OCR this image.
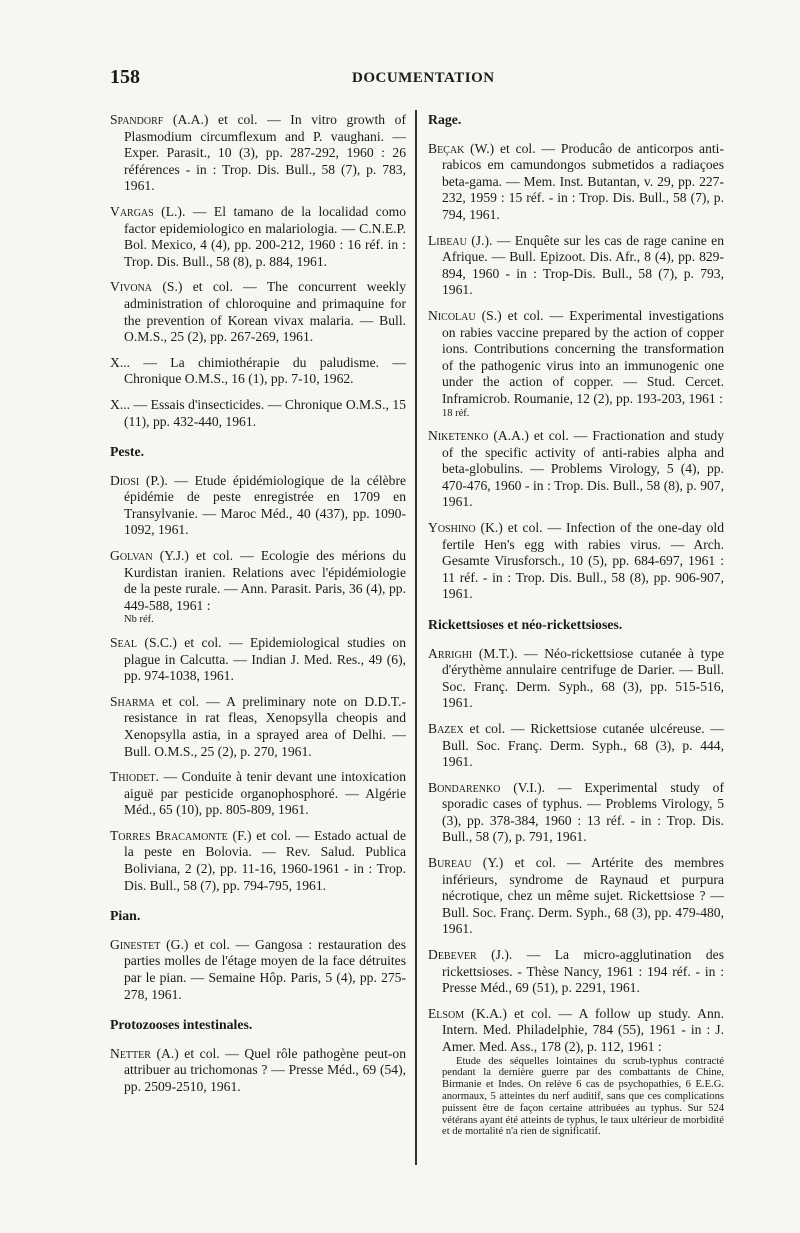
158	DOCUMENTATION

Spandorf (A.A.) et col. — In vitro growth of Plasmodium circumflexum and P. vaughani. — Exper. Parasit., 10 (3), pp. 287-292, 1960 : 26 références - in : Trop. Dis. Bull., 58 (7), p. 783, 1961.

Vargas (L.). — El tamano de la localidad como factor epidemiologico en malariologia. — C.N.E.P. Bol. Mexico, 4 (4), pp. 200-212, 1960 : 16 réf. in : Trop. Dis. Bull., 58 (8), p. 884, 1961.

Vivona (S.) et col. — The concurrent weekly administration of chloroquine and primaquine for the prevention of Korean vivax malaria. — Bull. O.M.S., 25 (2), pp. 267-269, 1961.

X... — La chimiothérapie du paludisme. — Chronique O.M.S., 16 (1), pp. 7-10, 1962.

X... — Essais d'insecticides. — Chronique O.M.S., 15 (11), pp. 432-440, 1961.

Peste.

Diosi (P.). — Etude épidémiologique de la célèbre épidémie de peste enregistrée en 1709 en Transylvanie. — Maroc Méd., 40 (437), pp. 1090-1092, 1961.

Golvan (Y.J.) et col. — Ecologie des mérions du Kurdistan iranien. Relations avec l'épidémiologie de la peste rurale. — Ann. Parasit. Paris, 36 (4), pp. 449-588, 1961 :

Nb réf.

Seal (S.C.) et col. — Epidemiological studies on plague in Calcutta. — Indian J. Med. Res., 49 (6), pp. 974-1038, 1961.

Sharma et col. — A preliminary note on D.D.T.-resistance in rat fleas, Xenopsylla cheopis and Xenopsylla astia, in a sprayed area of Delhi. — Bull. O.M.S., 25 (2), p. 270, 1961.

Thiodet. — Conduite à tenir devant une intoxication aiguë par pesticide organophosphoré. — Algérie Méd., 65 (10), pp. 805-809, 1961.

Torres Bracamonte (F.) et col. — Estado actual de la peste en Bolovia. — Rev. Salud. Publica Boliviana, 2 (2), pp. 11-16, 1960-1961 - in : Trop. Dis. Bull., 58 (7), pp. 794-795, 1961.

Pian.

Ginestet (G.) et col. — Gangosa : restauration des parties molles de l'étage moyen de la face détruites par le pian. — Semaine Hôp. Paris, 5 (4), pp. 275-278, 1961.

Protozooses intestinales.

Netter (A.) et col. — Quel rôle pathogène peut-on attribuer au trichomonas ? — Presse Méd., 69 (54), pp. 2509-2510, 1961.

Rage.

Beçak (W.) et col. — Producâo de anticorpos anti-rabicos em camundongos submetidos a radiaçoes beta-gama. — Mem. Inst. Butantan, v. 29, pp. 227-232, 1959 : 15 réf. - in : Trop. Dis. Bull., 58 (7), p. 794, 1961.

Libeau (J.). — Enquête sur les cas de rage canine en Afrique. — Bull. Epizoot. Dis. Afr., 8 (4), pp. 829-894, 1960 - in : Trop-Dis. Bull., 58 (7), p. 793, 1961.

Nicolau (S.) et col. — Experimental investigations on rabies vaccine prepared by the action of copper ions. Contributions concerning the transformation of the pathogenic virus into an immunogenic one under the action of copper. — Stud. Cercet. Inframicrob. Roumanie, 12 (2), pp. 193-203, 1961 :

18 réf.

Niketenko (A.A.) et col. — Fractionation and study of the specific activity of anti-rabies alpha and beta-globulins. — Problems Virology, 5 (4), pp. 470-476, 1960 - in : Trop. Dis. Bull., 58 (8), p. 907, 1961.

Yoshino (K.) et col. — Infection of the one-day old fertile Hen's egg with rabies virus. — Arch. Gesamte Virusforsch., 10 (5), pp. 684-697, 1961 : 11 réf. - in : Trop. Dis. Bull., 58 (8), pp. 906-907, 1961.

Rickettsioses et néo-rickettsioses.

Arrighi (M.T.). — Néo-rickettsiose cutanée à type d'érythème annulaire centrifuge de Darier. — Bull. Soc. Franç. Derm. Syph., 68 (3), pp. 515-516, 1961.

Bazex et col. — Rickettsiose cutanée ulcéreuse. — Bull. Soc. Franç. Derm. Syph., 68 (3), p. 444, 1961.

Bondarenko (V.I.). — Experimental study of sporadic cases of typhus. — Problems Virology, 5 (3), pp. 378-384, 1960 : 13 réf. - in : Trop. Dis. Bull., 58 (7), p. 791, 1961.

Bureau (Y.) et col. — Artérite des membres inférieurs, syndrome de Raynaud et purpura nécrotique, chez un même sujet. Rickettsiose ? — Bull. Soc. Franç. Derm. Syph., 68 (3), pp. 479-480, 1961.

Debever (J.). — La micro-agglutination des rickettsioses. - Thèse Nancy, 1961 : 194 réf. - in : Presse Méd., 69 (51), p. 2291, 1961.

Elsom (K.A.) et col. — A follow up study. Ann. Intern. Med. Philadelphie, 784 (55), 1961 - in : J. Amer. Med. Ass., 178 (2), p. 112, 1961 :

Etude des séquelles lointaines du scrub-typhus contracté pendant la dernière guerre par des combattants de Chine, Birmanie et Indes. On relève 6 cas de psychopathies, 6 E.E.G. anormaux, 5 atteintes du nerf auditif, sans que ces complications puissent être de façon certaine attribuées au typhus. Sur 524 vétérans ayant été atteints de typhus, le taux ultérieur de morbidité et de mortalité n'a rien de significatif.
